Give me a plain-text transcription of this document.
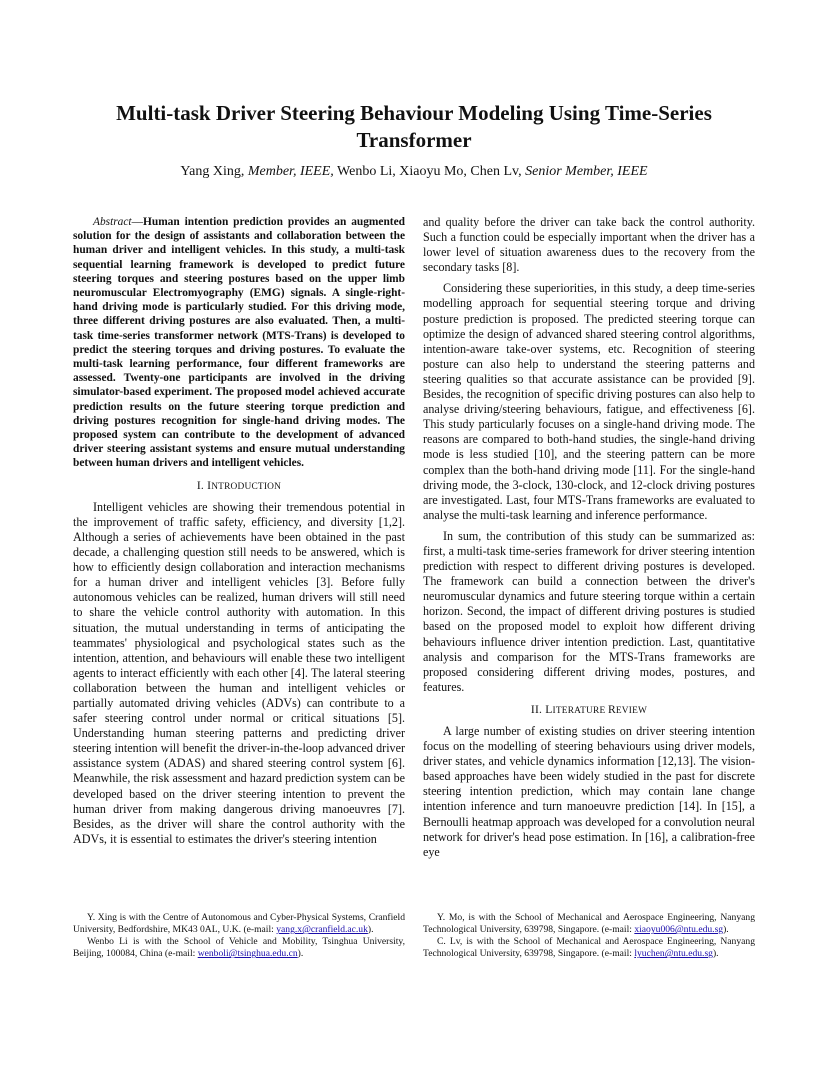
Multi-task Driver Steering Behaviour Modeling Using Time-Series Transformer
Yang Xing, Member, IEEE, Wenbo Li, Xiaoyu Mo, Chen Lv, Senior Member, IEEE

Abstract—Human intention prediction provides an augmented solution for the design of assistants and collaboration between the human driver and intelligent vehicles. In this study, a multi-task sequential learning framework is developed to predict future steering torques and steering postures based on the upper limb neuromuscular Electromyography (EMG) signals. A single-right-hand driving mode is particularly studied. For this driving mode, three different driving postures are also evaluated. Then, a multi-task time-series transformer network (MTS-Trans) is developed to predict the steering torques and driving postures. To evaluate the multi-task learning performance, four different frameworks are assessed. Twenty-one participants are involved in the driving simulator-based experiment. The proposed model achieved accurate prediction results on the future steering torque prediction and driving postures recognition for single-hand driving modes. The proposed system can contribute to the development of advanced driver steering assistant systems and ensure mutual understanding between human drivers and intelligent vehicles.

I. INTRODUCTION

Intelligent vehicles are showing their tremendous potential in the improvement of traffic safety, efficiency, and diversity [1,2]. Although a series of achievements have been obtained in the past decade, a challenging question still needs to be answered, which is how to efficiently design collaboration and interaction mechanisms for a human driver and intelligent vehicles [3]. Before fully autonomous vehicles can be realized, human drivers will still need to share the vehicle control authority with automation. In this situation, the mutual understanding in terms of anticipating the teammates' physiological and psychological states such as the intention, attention, and behaviours will enable these two intelligent agents to interact efficiently with each other [4]. The lateral steering collaboration between the human and intelligent vehicles or partially automated driving vehicles (ADVs) can contribute to a safer steering control under normal or critical situations [5]. Understanding human steering patterns and predicting driver steering intention will benefit the driver-in-the-loop advanced driver assistance system (ADAS) and shared steering control system [6]. Meanwhile, the risk assessment and hazard prediction system can be developed based on the driver steering intention to prevent the human driver from making dangerous driving manoeuvres [7]. Besides, as the driver will share the control authority with the ADVs, it is essential to estimates the driver's steering intention

and quality before the driver can take back the control authority. Such a function could be especially important when the driver has a lower level of situation awareness dues to the recovery from the secondary tasks [8].

Considering these superiorities, in this study, a deep time-series modelling approach for sequential steering torque and driving posture prediction is proposed. The predicted steering torque can optimize the design of advanced shared steering control algorithms, intention-aware take-over systems, etc. Recognition of steering posture can also help to understand the steering patterns and steering qualities so that accurate assistance can be provided [9]. Besides, the recognition of specific driving postures can also help to analyse driving/steering behaviours, fatigue, and effectiveness [6]. This study particularly focuses on a single-hand driving mode. The reasons are compared to both-hand studies, the single-hand driving mode is less studied [10], and the steering pattern can be more complex than the both-hand driving mode [11]. For the single-hand driving mode, the 3-clock, 130-clock, and 12-clock driving postures are investigated. Last, four MTS-Trans frameworks are evaluated to analyse the multi-task learning and inference performance.

In sum, the contribution of this study can be summarized as: first, a multi-task time-series framework for driver steering intention prediction with respect to different driving postures is developed. The framework can build a connection between the driver's neuromuscular dynamics and future steering torque within a certain horizon. Second, the impact of different driving postures is studied based on the proposed model to exploit how different driving behaviours influence driver intention prediction. Last, quantitative analysis and comparison for the MTS-Trans frameworks are proposed considering different driving modes, postures, and features.

II. LITERATURE REVIEW

A large number of existing studies on driver steering intention focus on the modelling of steering behaviours using driver models, driver states, and vehicle dynamics information [12,13]. The vision-based approaches have been widely studied in the past for discrete steering intention prediction, which may contain lane change intention inference and turn manoeuvre prediction [14]. In [15], a Bernoulli heatmap approach was developed for a convolution neural network for driver's head pose estimation. In [16], a calibration-free eye

Y. Xing is with the Centre of Autonomous and Cyber-Physical Systems, Cranfield University, Bedfordshire, MK43 0AL, U.K. (e-mail: yang.x@cranfield.ac.uk).

Wenbo Li is with the School of Vehicle and Mobility, Tsinghua University, Beijing, 100084, China (e-mail: wenboli@tsinghua.edu.cn).

Y. Mo, is with the School of Mechanical and Aerospace Engineering, Nanyang Technological University, 639798, Singapore. (e-mail: xiaoyu006@ntu.edu.sg).

C. Lv, is with the School of Mechanical and Aerospace Engineering, Nanyang Technological University, 639798, Singapore. (e-mail: lyuchen@ntu.edu.sg).
